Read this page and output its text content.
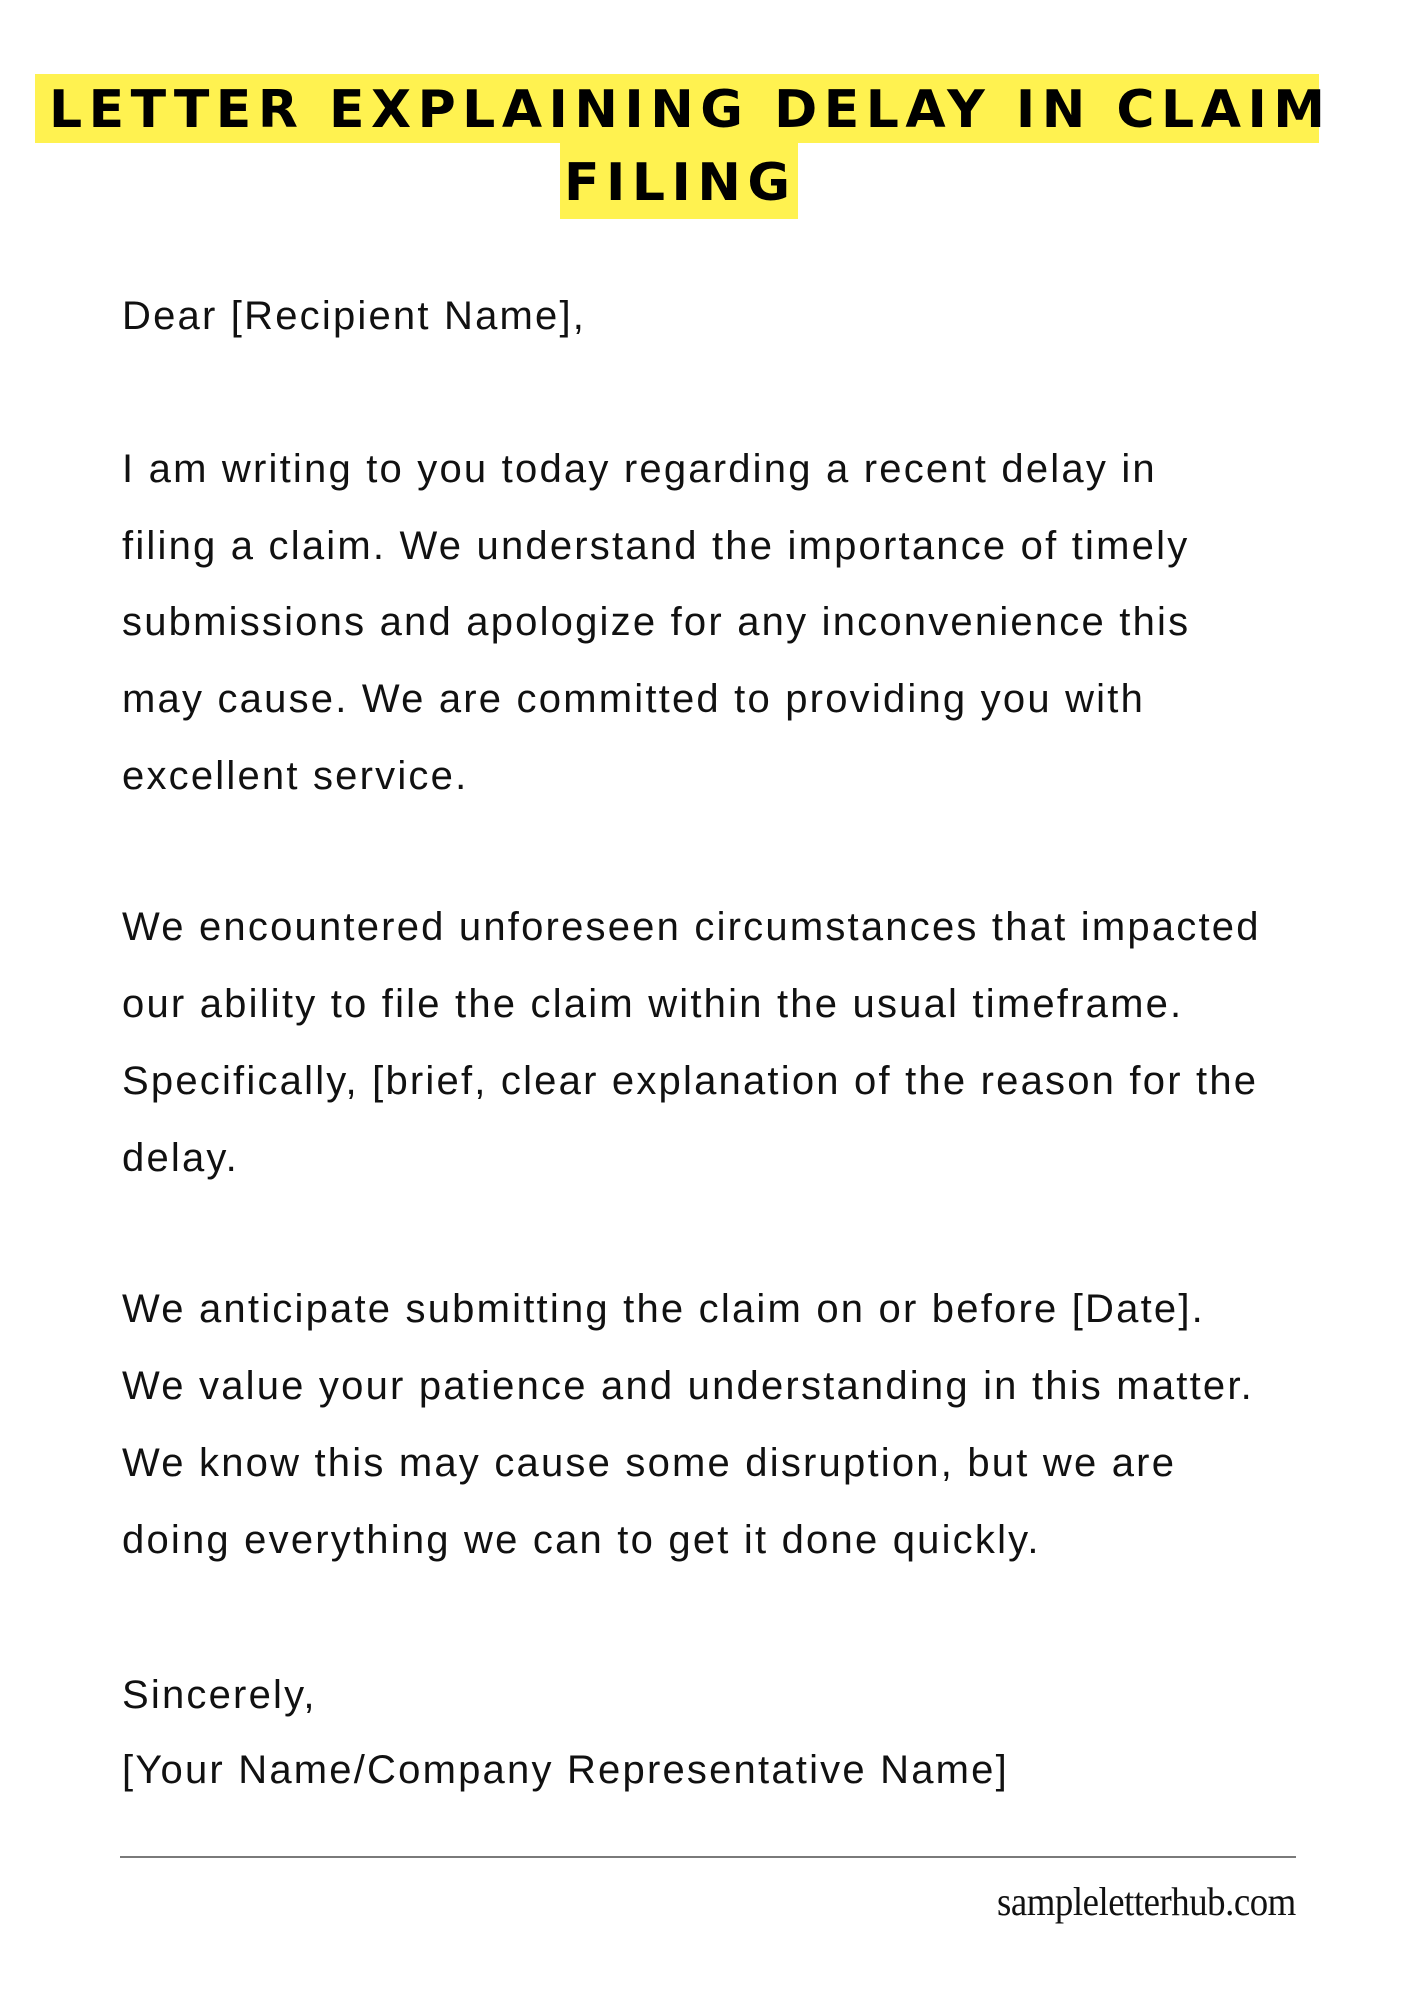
LETTER EXPLAINING DELAY IN CLAIM
FILING
Dear [Recipient Name],
I am writing to you today regarding a recent delay in
filing a claim. We understand the importance of timely
submissions and apologize for any inconvenience this
may cause. We are committed to providing you with
excellent service.
We encountered unforeseen circumstances that impacted
our ability to file the claim within the usual timeframe.
Specifically, [brief, clear explanation of the reason for the
delay.
We anticipate submitting the claim on or before [Date].
We value your patience and understanding in this matter.
We know this may cause some disruption, but we are
doing everything we can to get it done quickly.
Sincerely,
[Your Name/Company Representative Name]
sampleletterhub.com
